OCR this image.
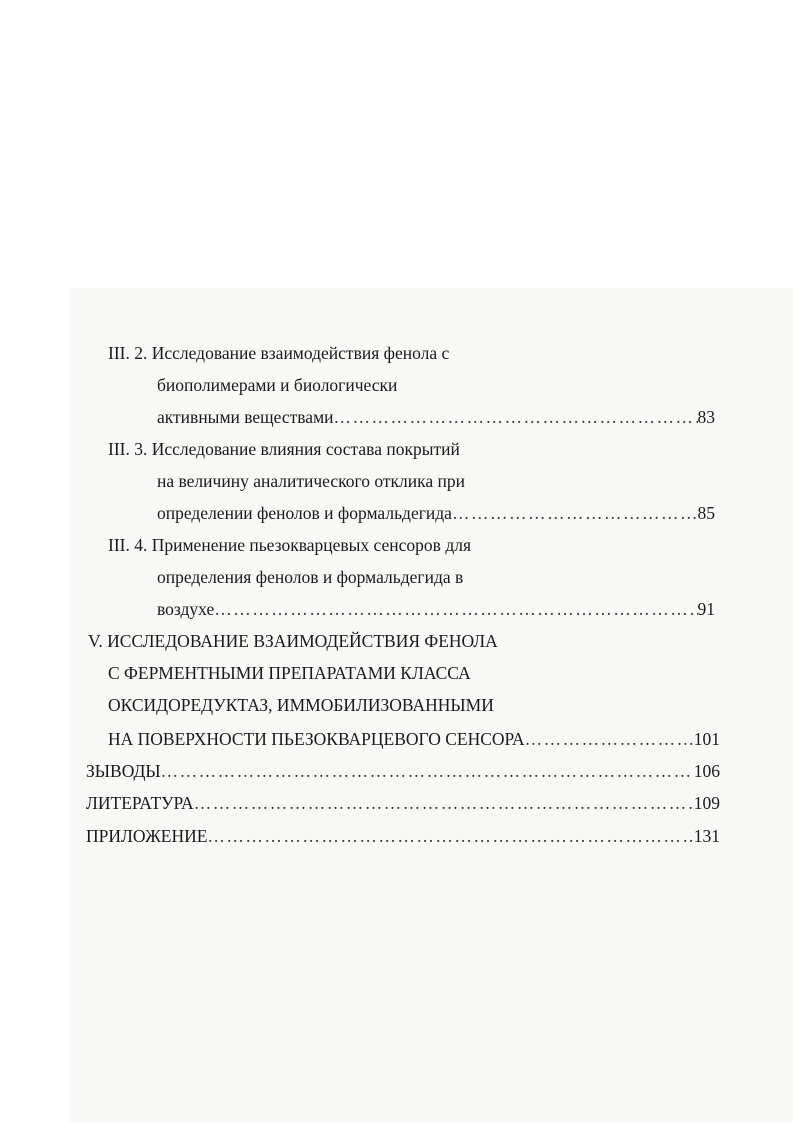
III. 2. Исследование взаимодействия фенола с
биополимерами и биологически
активными веществами …………………………………………………………………………………………………………………………………………………………………………………………………………	83
III. 3. Исследование влияния состава покрытий
на величину аналитического отклика при
определении фенолов и формальдегида …………………………………………………………………………………………………………………………………………………………………………………………………………	85
III. 4. Применение пьезокварцевых сенсоров для
определения фенолов и формальдегида в
воздухе …………………………………………………………………………………………………………………………………………………………………………………………………………	91
V. ИССЛЕДОВАНИЕ ВЗАИМОДЕЙСТВИЯ ФЕНОЛА
С ФЕРМЕНТНЫМИ ПРЕПАРАТАМИ КЛАССА
ОКСИДОРЕДУКТАЗ, ИММОБИЛИЗОВАННЫМИ
НА ПОВЕРХНОСТИ ПЬЕЗОКВАРЦЕВОГО СЕНСОРА …………………………………………………………………………………………………………………………………………………………………………………………………………	101
ЗЫВОДЫ …………………………………………………………………………………………………………………………………………………………………………………………………………	106
ЛИТЕРАТУРА …………………………………………………………………………………………………………………………………………………………………………………………………………	109
ПРИЛОЖЕНИЕ …………………………………………………………………………………………………………………………………………………………………………………………………………	131
